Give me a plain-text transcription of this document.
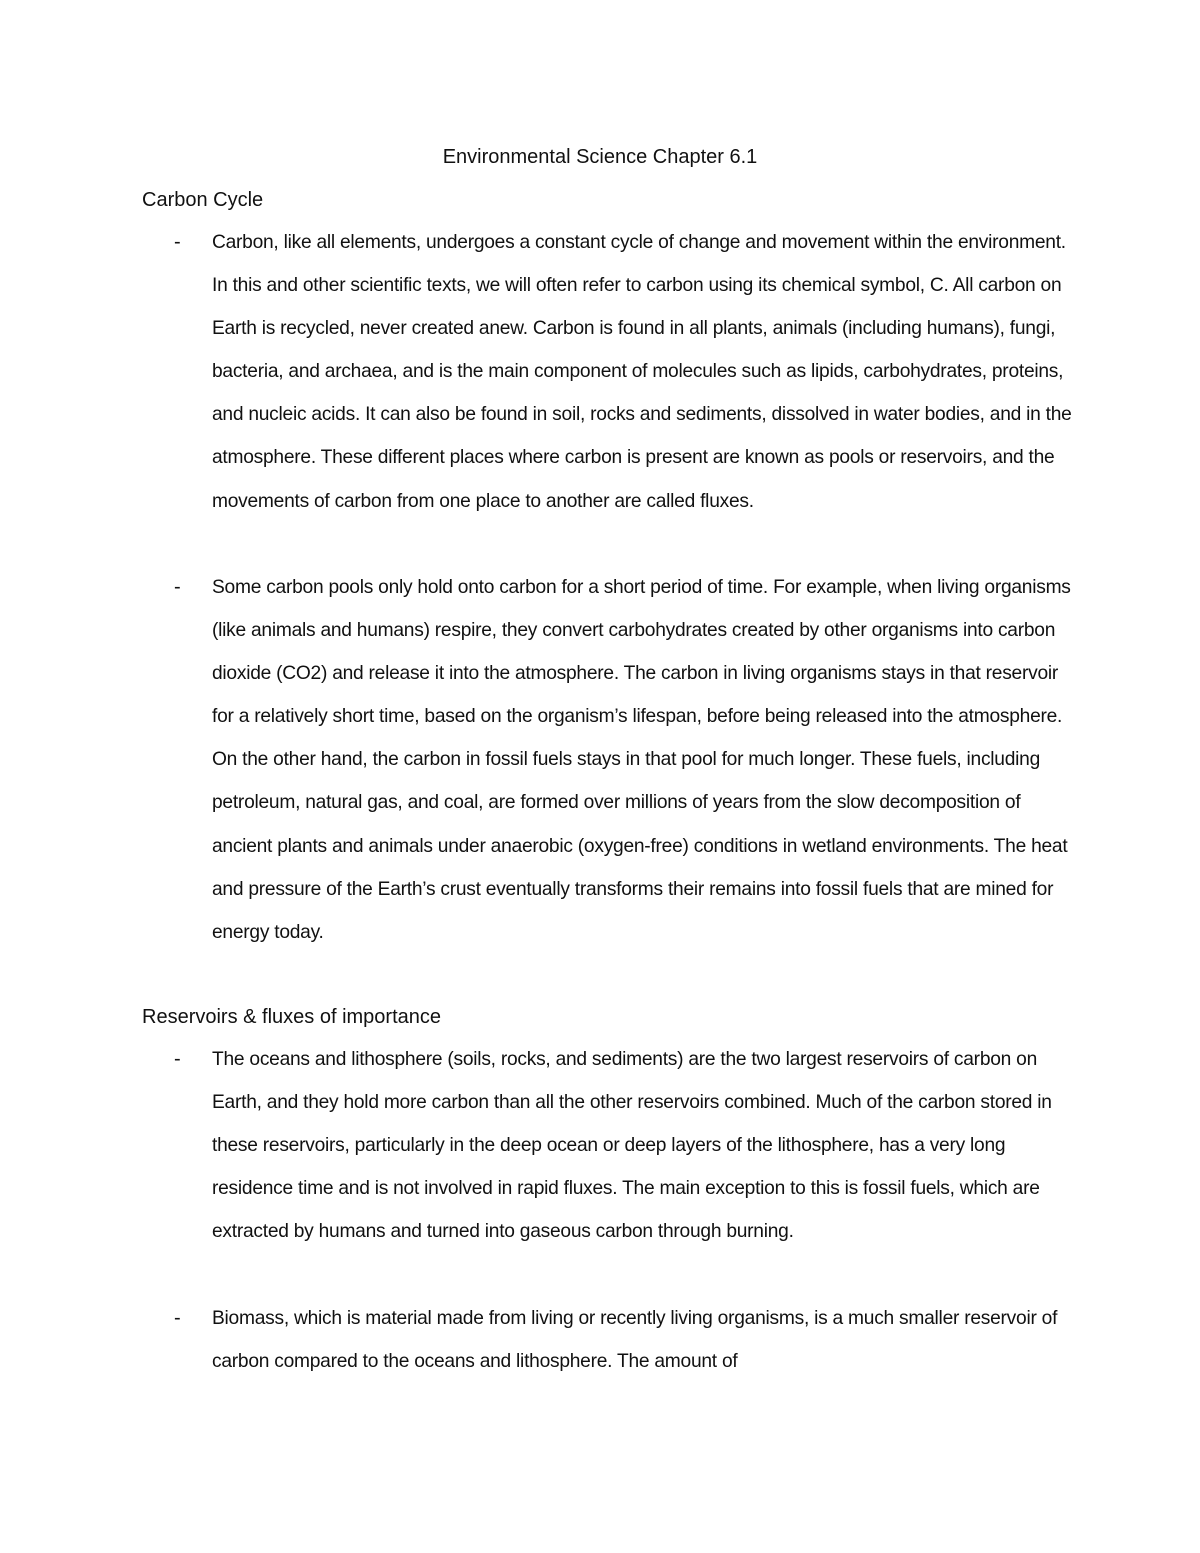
Environmental Science Chapter 6.1
Carbon Cycle
- Carbon, like all elements, undergoes a constant cycle of change and movement within the environment. In this and other scientific texts, we will often refer to carbon using its chemical symbol, C. All carbon on Earth is recycled, never created anew. Carbon is found in all plants, animals (including humans), fungi, bacteria, and archaea, and is the main component of molecules such as lipids, carbohydrates, proteins, and nucleic acids. It can also be found in soil, rocks and sediments, dissolved in water bodies, and in the atmosphere. These different places where carbon is present are known as pools or reservoirs, and the movements of carbon from one place to another are called fluxes.

- Some carbon pools only hold onto carbon for a short period of time. For example, when living organisms (like animals and humans) respire, they convert carbohydrates created by other organisms into carbon dioxide (CO2) and release it into the atmosphere. The carbon in living organisms stays in that reservoir for a relatively short time, based on the organism’s lifespan, before being released into the atmosphere. On the other hand, the carbon in fossil fuels stays in that pool for much longer. These fuels, including petroleum, natural gas, and coal, are formed over millions of years from the slow decomposition of ancient plants and animals under anaerobic (oxygen-free) conditions in wetland environments. The heat and pressure of the Earth’s crust eventually transforms their remains into fossil fuels that are mined for energy today.

Reservoirs & fluxes of importance
- The oceans and lithosphere (soils, rocks, and sediments) are the two largest reservoirs of carbon on Earth, and they hold more carbon than all the other reservoirs combined. Much of the carbon stored in these reservoirs, particularly in the deep ocean or deep layers of the lithosphere, has a very long residence time and is not involved in rapid fluxes. The main exception to this is fossil fuels, which are extracted by humans and turned into gaseous carbon through burning.

- Biomass, which is material made from living or recently living organisms, is a much smaller reservoir of carbon compared to the oceans and lithosphere. The amount of
